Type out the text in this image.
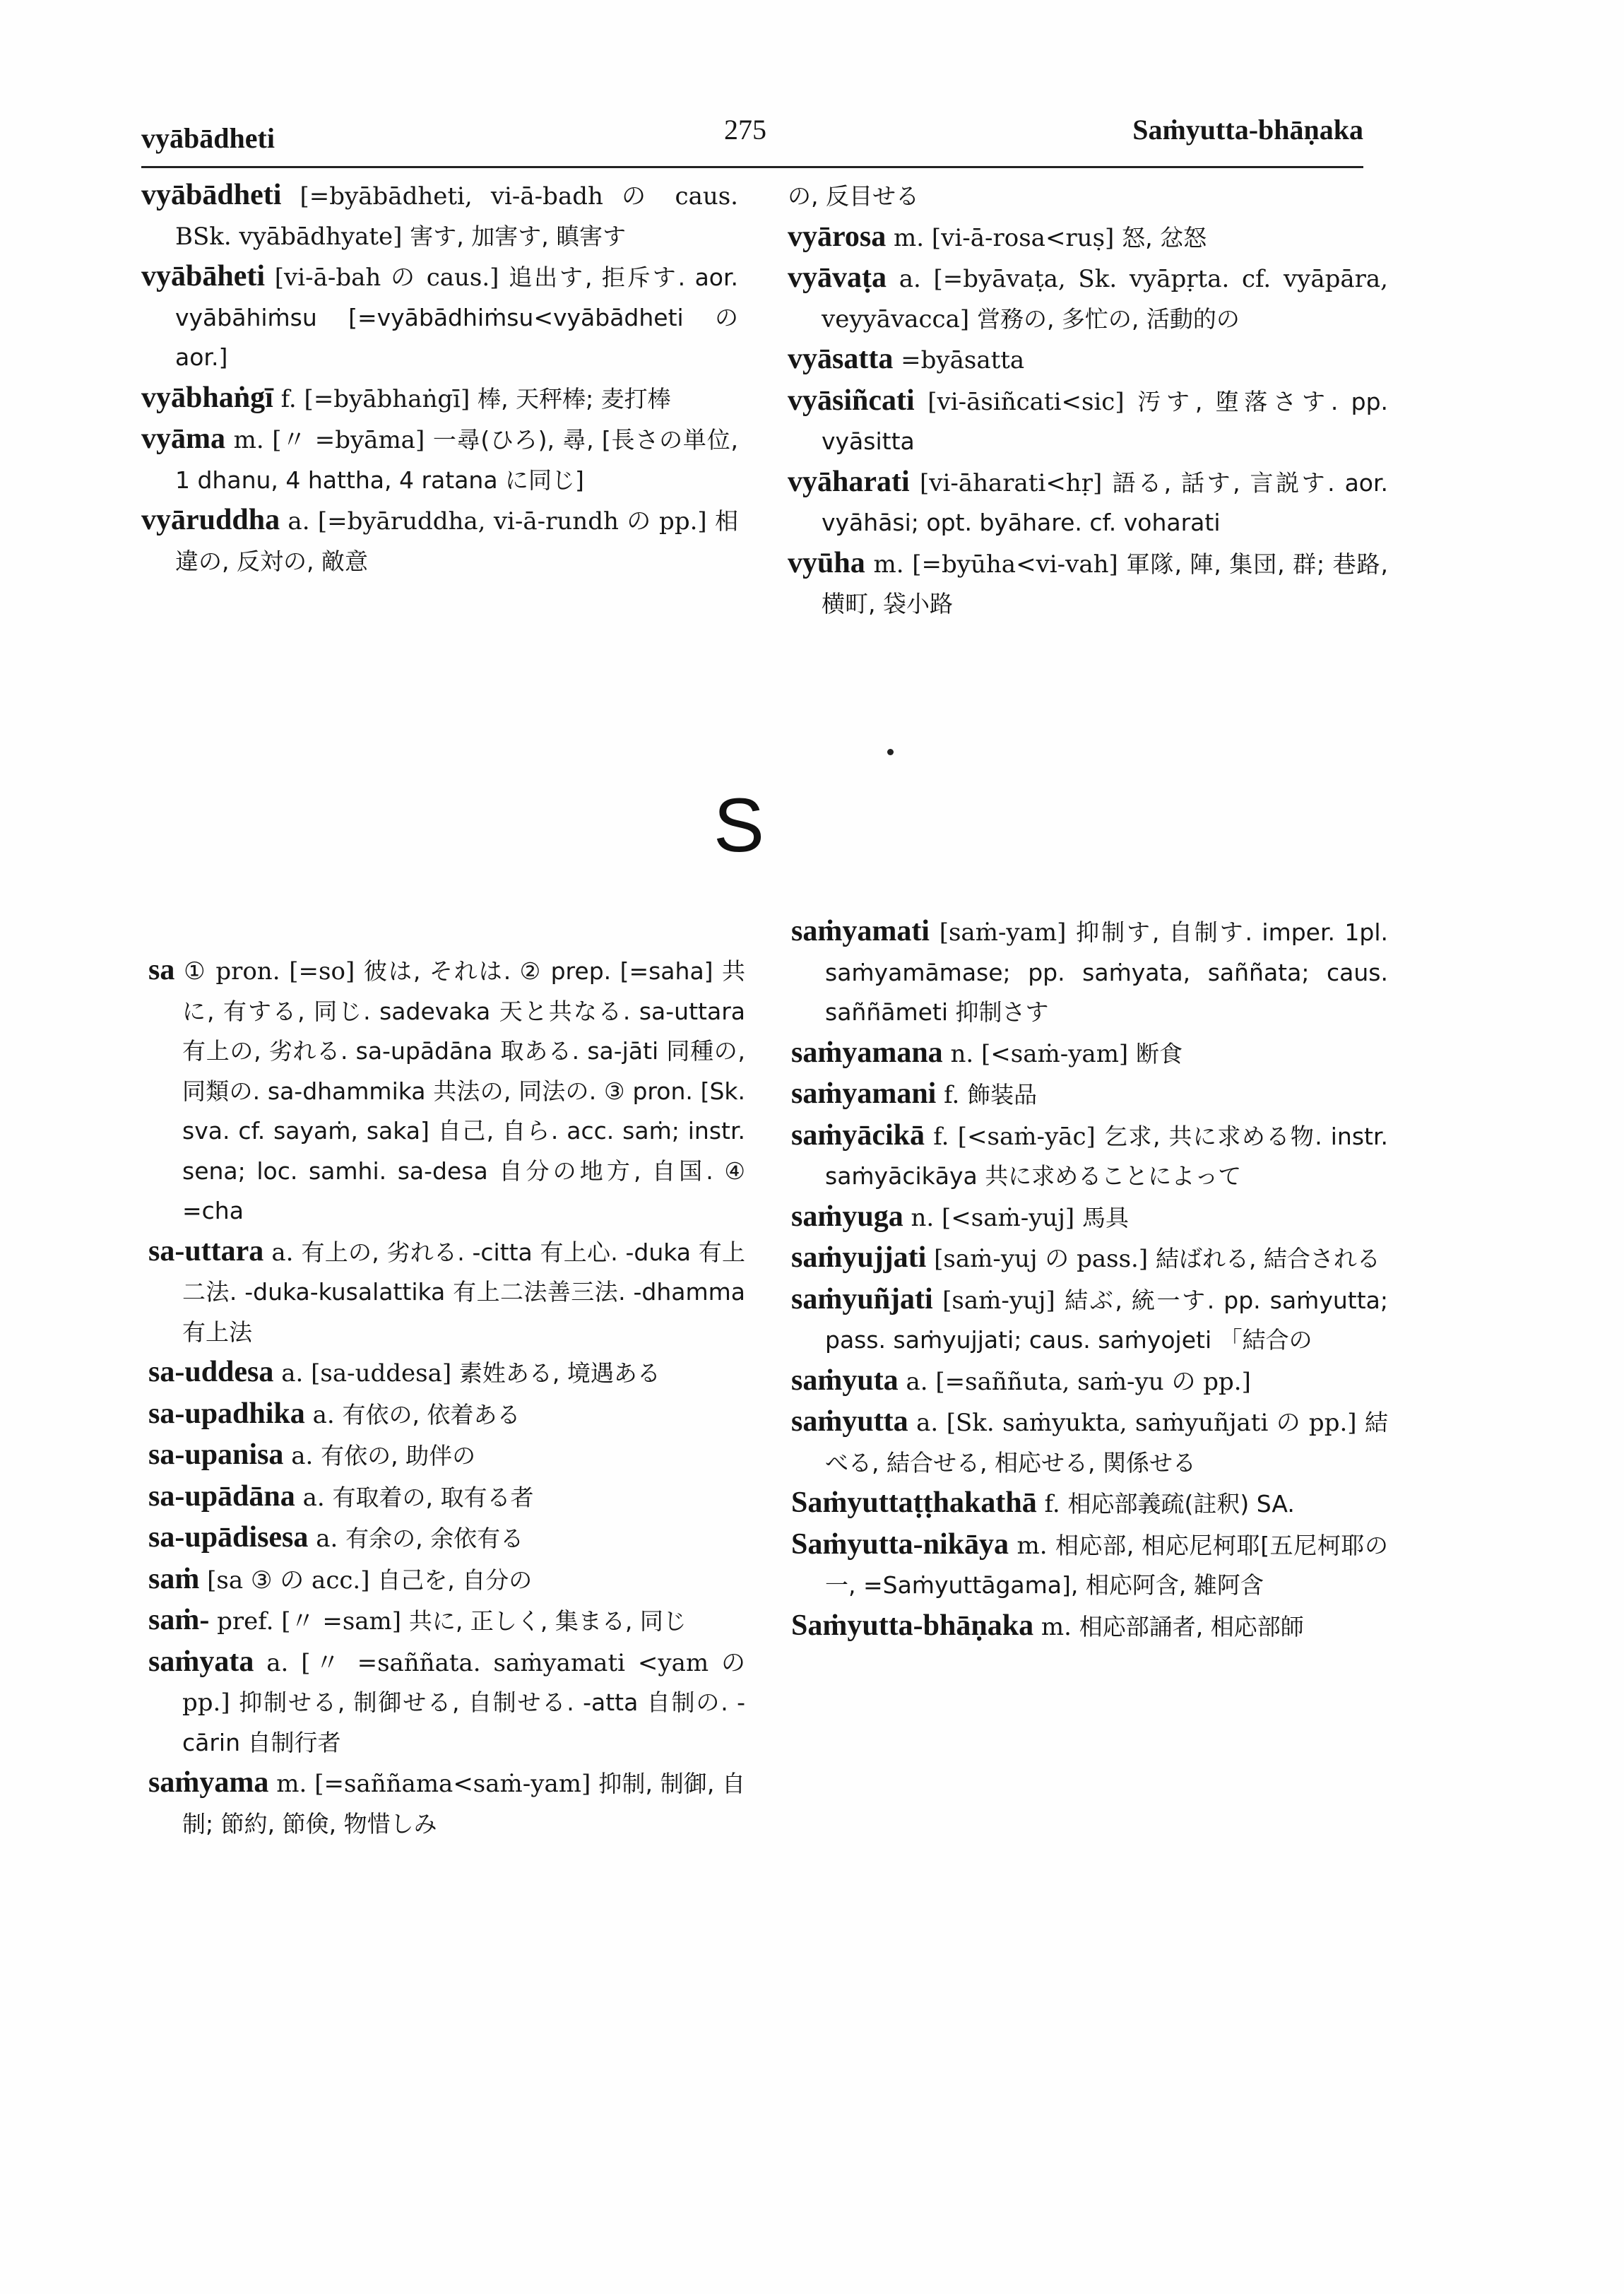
vyābādheti	275	Saṁyutta-bhāṇaka

vyābādheti [=byābādheti, vi-ā-badh の caus. BSk. vyābādhyate] 害す, 加害す, 瞋害す

vyābāheti [vi-ā-bah の caus.] 追出す, 拒斥す. aor. vyābāhiṁsu [=vyābādhiṁsu<vyābādheti の aor.]

vyābhaṅgī f. [=byābhaṅgī] 棒, 天秤棒; 麦打棒

vyāma m. [〃 =byāma] 一尋(ひろ), 尋, [長さの単位, 1 dhanu, 4 hattha, 4 ratana に同じ]

vyāruddha a. [=byāruddha, vi-ā-rundh の pp.] 相違の, 反対の, 敵意

の, 反目せる

vyārosa m. [vi-ā-rosa<ruṣ] 怒, 忿怒

vyāvaṭa a. [=byāvaṭa, Sk. vyāpṛta. cf. vyāpāra, veyyāvacca] 営務の, 多忙の, 活動的の

vyāsatta =byāsatta

vyāsiñcati [vi-āsiñcati<sic] 汚す, 堕落さす. pp. vyāsitta

vyāharati [vi-āharati<hṛ] 語る, 話す, 言説す. aor. vyāhāsi; opt. byāhare. cf. voharati

vyūha m. [=byūha<vi-vah] 軍隊, 陣, 集団, 群; 巷路, 横町, 袋小路

S

sa ① pron. [=so] 彼は, それは. ② prep. [=saha] 共に, 有する, 同じ. sadevaka 天と共なる. sa-uttara 有上の, 劣れる. sa-upādāna 取ある. sa-jāti 同種の, 同類の. sa-dhammika 共法の, 同法の. ③ pron. [Sk. sva. cf. sayaṁ, saka] 自己, 自ら. acc. saṁ; instr. sena; loc. samhi. sa-desa 自分の地方, 自国. ④ =cha

sa-uttara a. 有上の, 劣れる. -citta 有上心. -duka 有上二法. -duka-kusalattika 有上二法善三法. -dhamma 有上法

sa-uddesa a. [sa-uddesa] 素姓ある, 境遇ある

sa-upadhika a. 有依の, 依着ある

sa-upanisa a. 有依の, 助伴の

sa-upādāna a. 有取着の, 取有る者

sa-upādisesa a. 有余の, 余依有る

saṁ [sa ③ の acc.] 自己を, 自分の

saṁ- pref. [〃 =sam] 共に, 正しく, 集まる, 同じ

saṁyata a. [〃 =saññata. saṁyamati <yam の pp.] 抑制せる, 制御せる, 自制せる. -atta 自制の. -cārin 自制行者

saṁyama m. [=saññama<saṁ-yam] 抑制, 制御, 自制; 節約, 節倹, 物惜しみ

saṁyamati [saṁ-yam] 抑制す, 自制す. imper. 1pl. saṁyamāmase; pp. saṁyata, saññata; caus. saññāmeti 抑制さす

saṁyamana n. [<saṁ-yam] 断食

saṁyamani f. 飾装品

saṁyācikā f. [<saṁ-yāc] 乞求, 共に求める物. instr. saṁyācikāya 共に求めることによって

saṁyuga n. [<saṁ-yuj] 馬具

saṁyujjati [saṁ-yuj の pass.] 結ばれる, 結合される

saṁyuñjati [saṁ-yuj] 結ぶ, 統一す. pp. saṁyutta; pass. saṁyujjati; caus. saṁyojeti 「結合の

saṁyuta a. [=saññuta, saṁ-yu の pp.]

saṁyutta a. [Sk. saṁyukta, saṁyuñjati の pp.] 結べる, 結合せる, 相応せる, 関係せる

Saṁyuttaṭṭhakathā f. 相応部義疏(註釈) SA.

Saṁyutta-nikāya m. 相応部, 相応尼柯耶[五尼柯耶の一, =Saṁyuttāgama], 相応阿含, 雑阿含

Saṁyutta-bhāṇaka m. 相応部誦者, 相応部師
